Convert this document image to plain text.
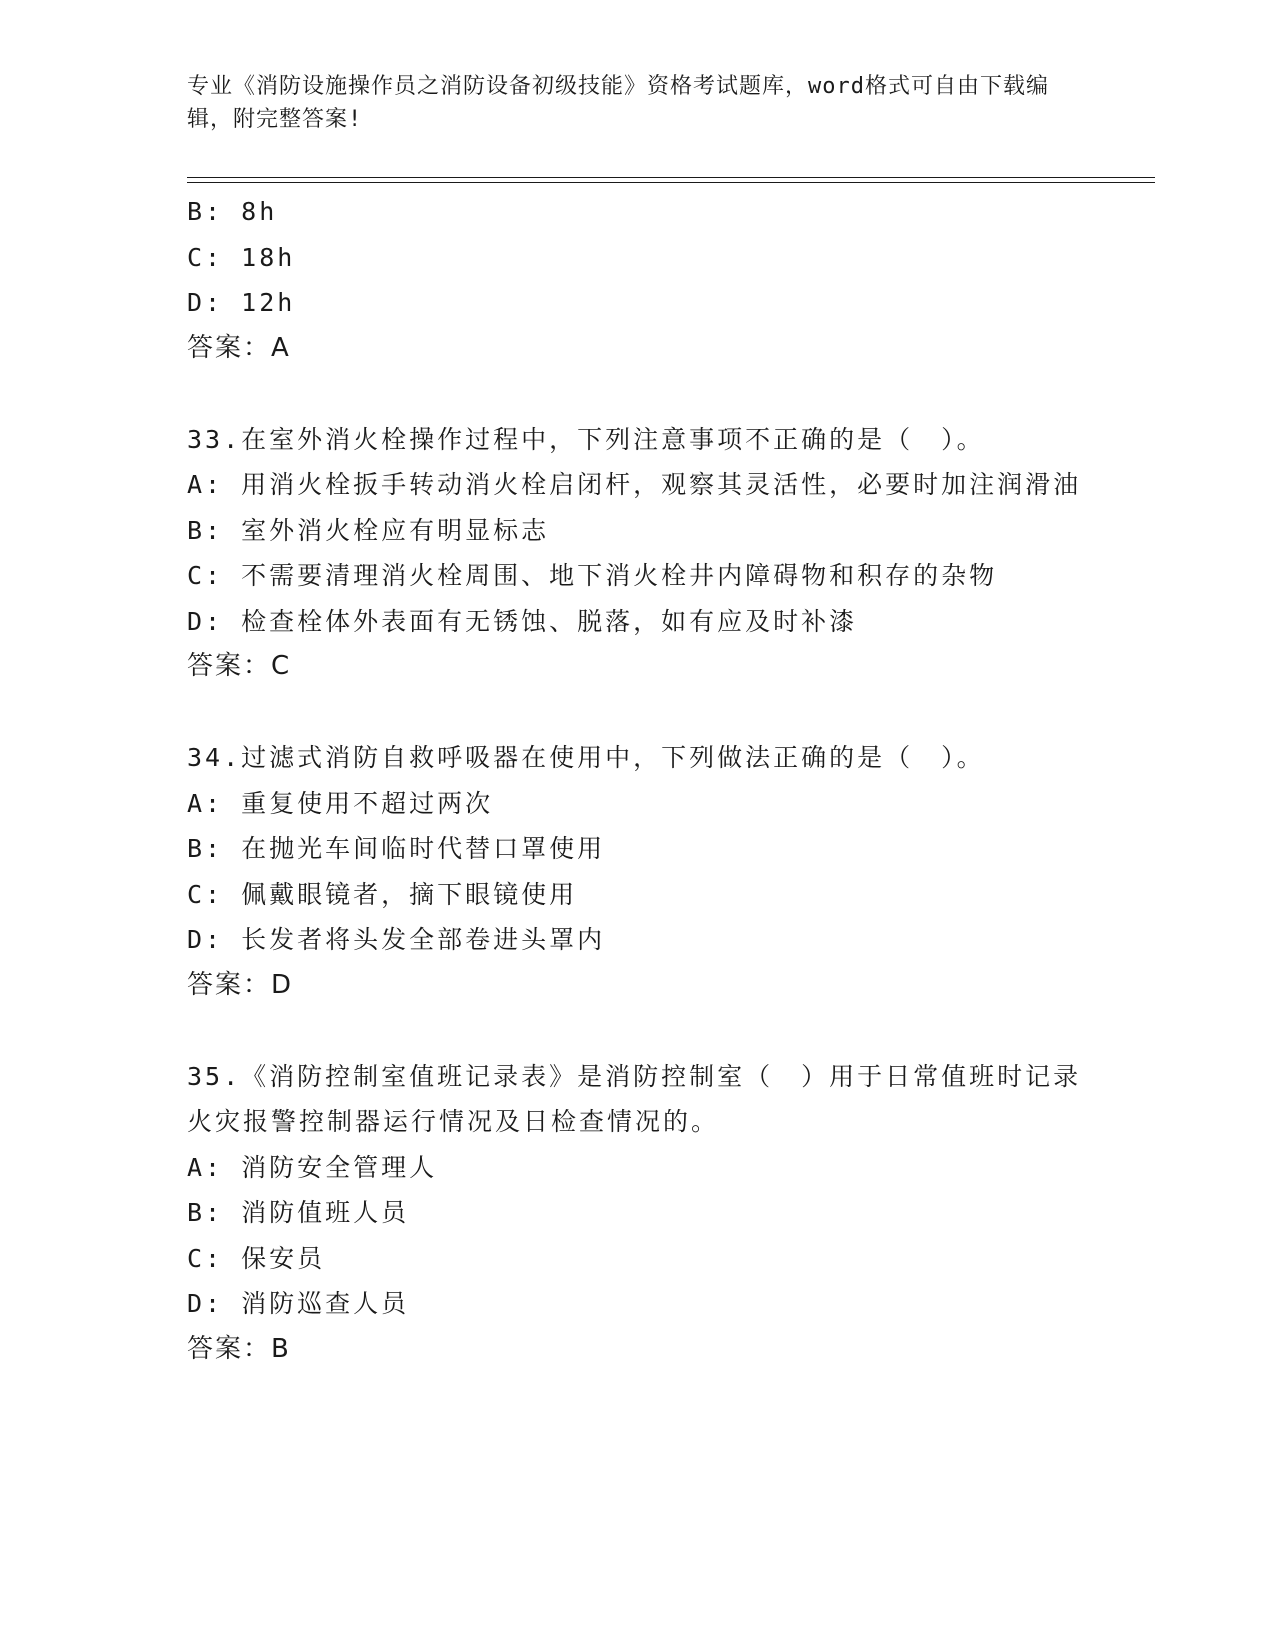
专业《消防设施操作员之消防设备初级技能》资格考试题库，word格式可自由下载编辑，附完整答案!
B: 8h
C: 18h
D: 12h
答案：A
33.在室外消火栓操作过程中，下列注意事项不正确的是（　）。
A: 用消火栓扳手转动消火栓启闭杆，观察其灵活性，必要时加注润滑油
B: 室外消火栓应有明显标志
C: 不需要清理消火栓周围、地下消火栓井内障碍物和积存的杂物
D: 检查栓体外表面有无锈蚀、脱落，如有应及时补漆
答案：C
34.过滤式消防自救呼吸器在使用中，下列做法正确的是（　）。
A: 重复使用不超过两次
B: 在抛光车间临时代替口罩使用
C: 佩戴眼镜者，摘下眼镜使用
D: 长发者将头发全部卷进头罩内
答案：D
35.《消防控制室值班记录表》是消防控制室（　）用于日常值班时记录火灾报警控制器运行情况及日检查情况的。
A: 消防安全管理人
B: 消防值班人员
C: 保安员
D: 消防巡查人员
答案：B
